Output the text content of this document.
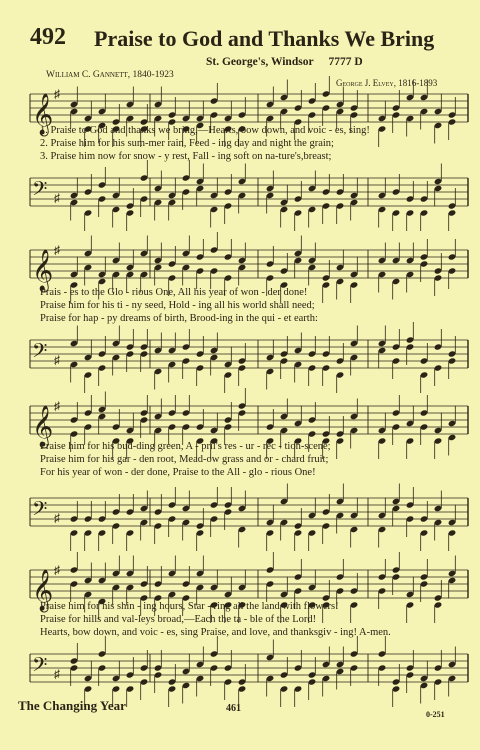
492 Praise to God and Thanks We Bring
St. George's, Windsor 7777 D
William C. Gannett, 1840-1923
George J. Elvey, 1816-1893
𝄞 ♯
1. Praise to God and thanks we bring,—Hearts, bow down, and voic - es, sing!
2. Praise him for his sum-mer rain, Feed - ing day and night the grain;
3. Praise him now for snow - y rest, Fall - ing soft on na-ture's,breast;
𝄢 ♯
𝄞 ♯
Prais - es to the Glo - rious One, All his year of won - der done!
Praise him for his ti - ny seed, Hold - ing all his world shall need;
Praise for hap - py dreams of birth, Brood-ing in the qui - et earth:
𝄢 ♯
𝄞 ♯
Praise him for his bud-ding green, A - pril's res - ur - rec - tion-scene;
Praise him for his gar - den root, Mead-ow grass and or - chard fruit;
For his year of won - der done, Praise to the All - glo - rious One!
𝄢 ♯
𝄞 ♯
Praise him for his shin - ing hours, Star - ring all the land with flowers!
Praise for hills and val-leys broad,—Each the ta - ble of the Lord!
Hearts, bow down, and voic - es, sing Praise, and love, and thanksgiv - ing! A-men.
𝄢 ♯
The Changing Year	461
0-251
